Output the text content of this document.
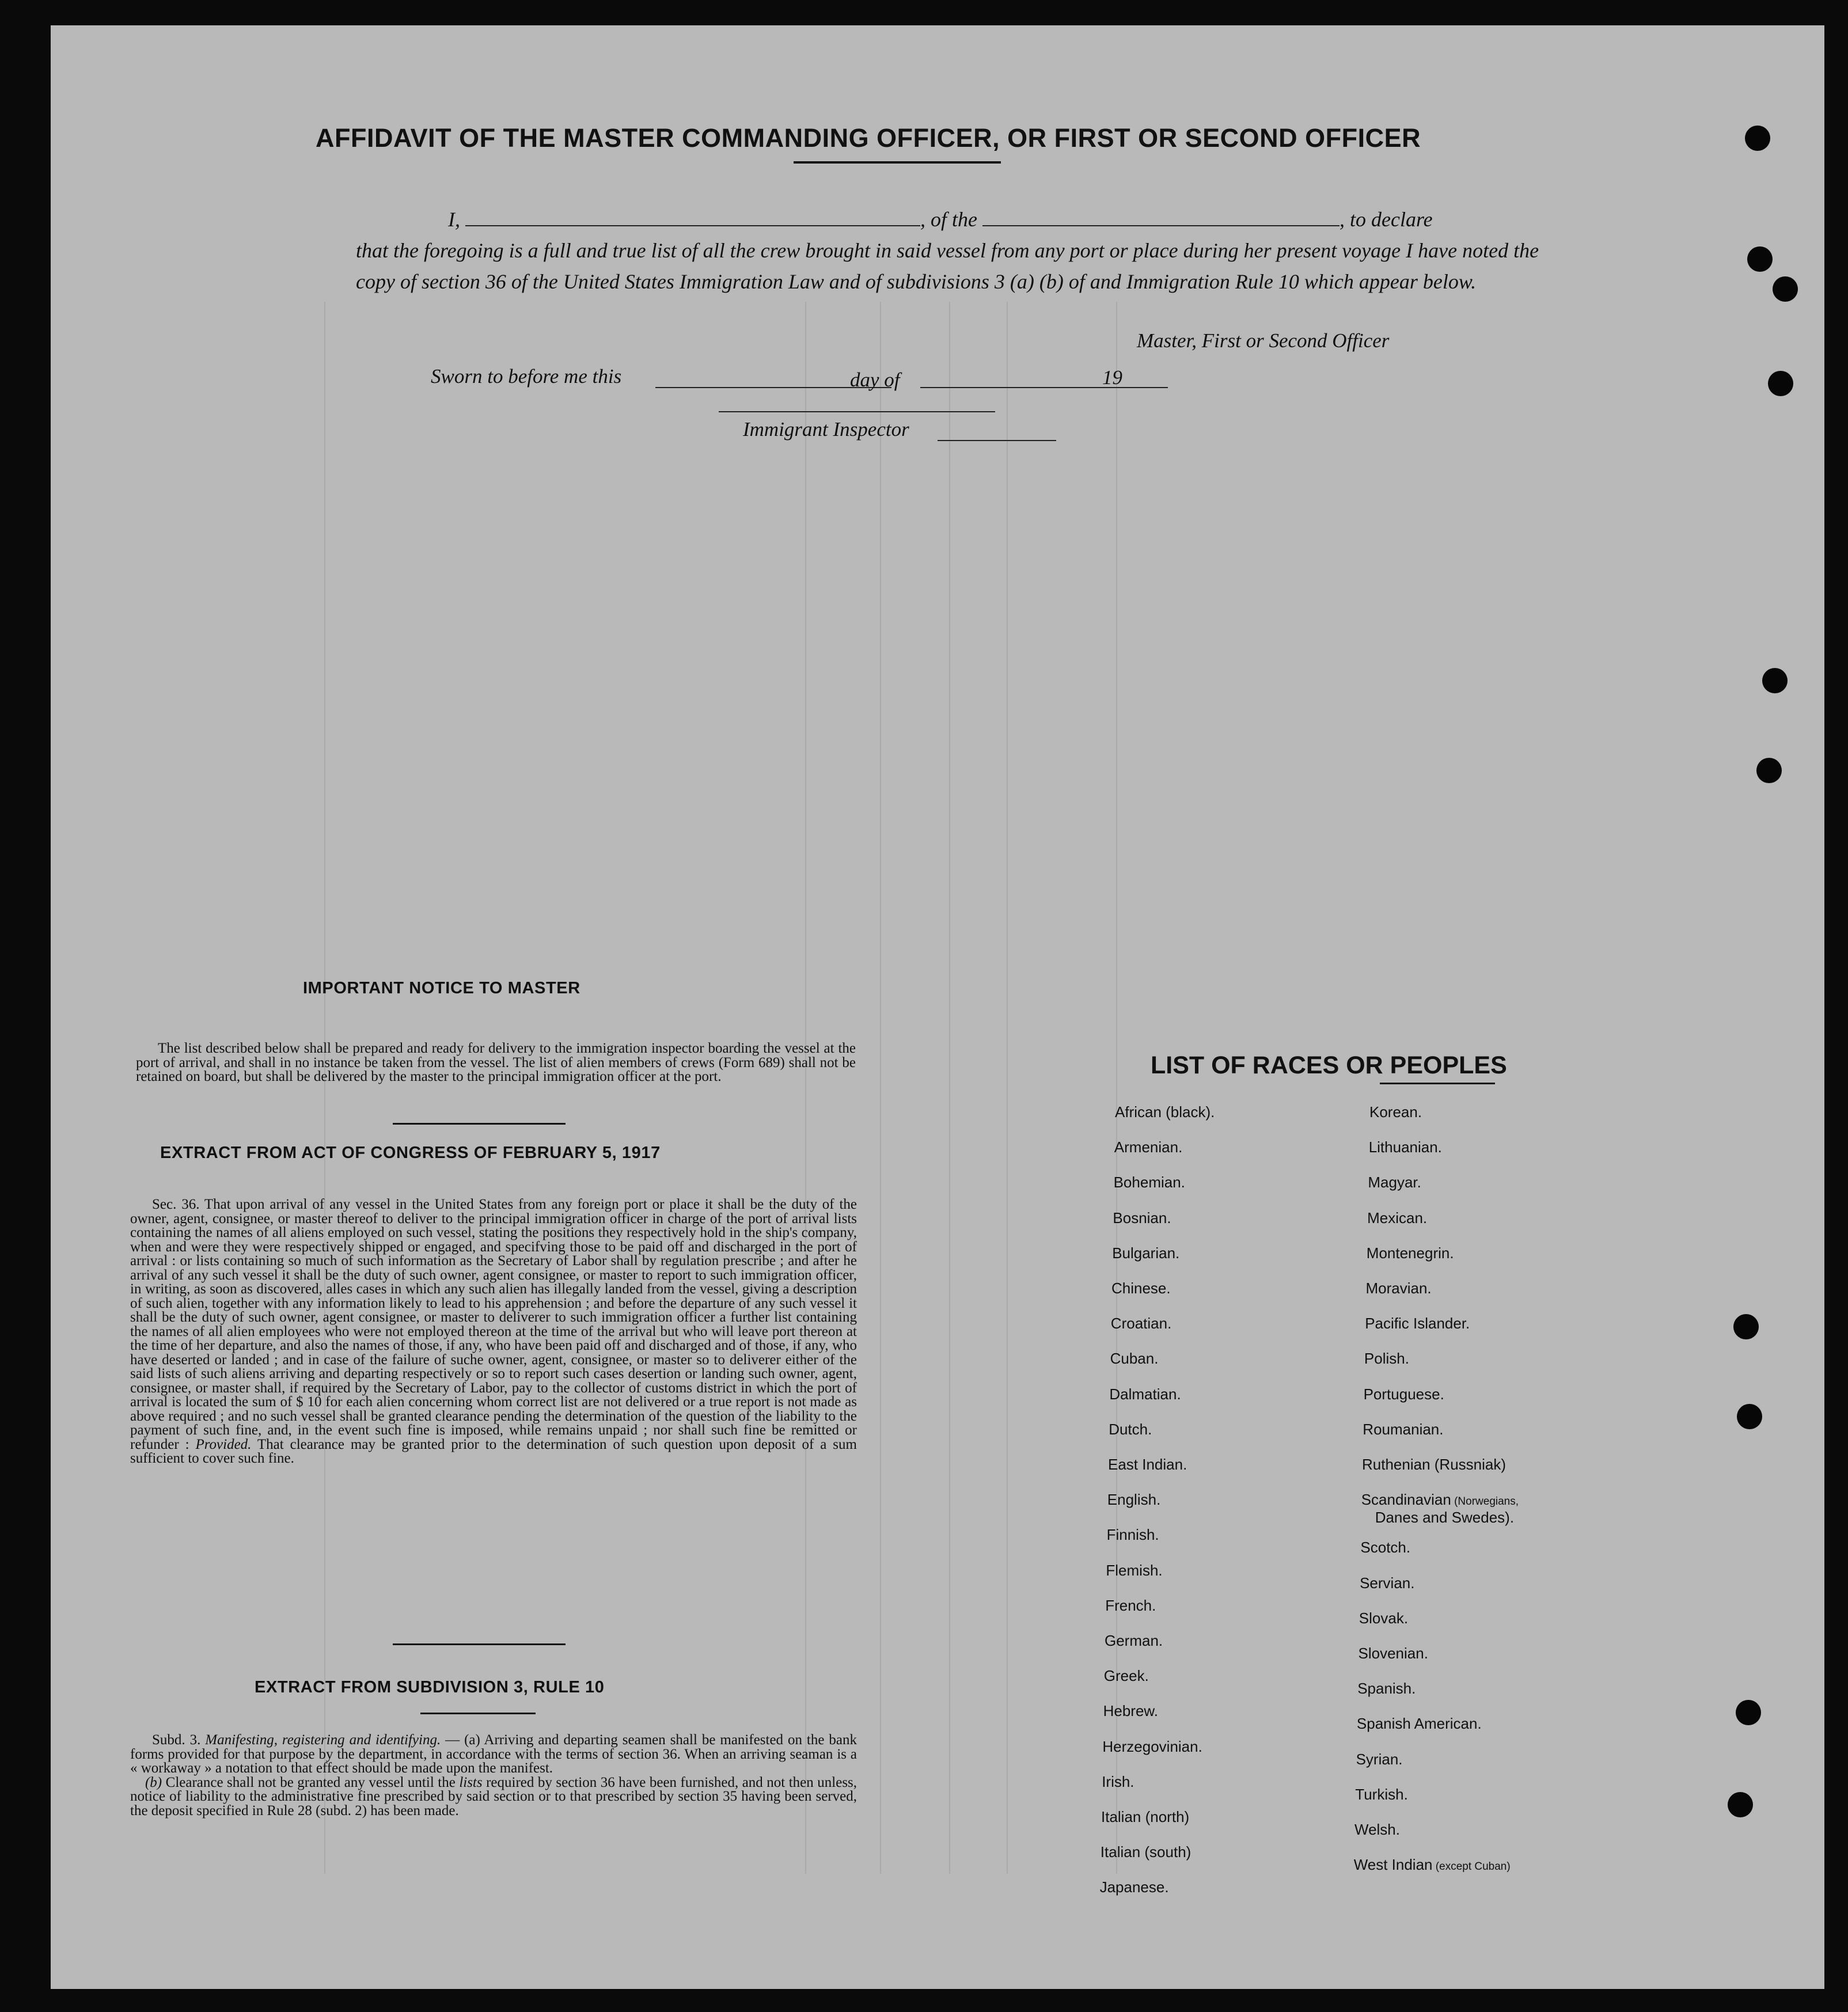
AFFIDAVIT OF THE MASTER COMMANDING OFFICER, OR FIRST OR SECOND OFFICER
I,	, of the	, to declare
that the foregoing is a full and true list of all the crew brought in said vessel from any port or place during her present voyage I have noted the copy of section 36 of the United States Immigration Law and of subdivisions 3 (a) (b) of and Immigration Rule 10 which appear below.
Master, First or Second Officer
Sworn to before me this	day of	19
Immigrant Inspector
IMPORTANT NOTICE TO MASTER
The list described below shall be prepared and ready for delivery to the immigration inspector boarding the vessel at the port of arrival, and shall in no instance be taken from the vessel. The list of alien members of crews (Form 689) shall not be retained on board, but shall be delivered by the master to the principal immigration officer at the port.
EXTRACT FROM ACT OF CONGRESS OF FEBRUARY 5, 1917
Sec. 36. That upon arrival of any vessel in the United States from any foreign port or place it shall be the duty of the owner, agent, consignee, or master thereof to deliver to the principal immigration officer in charge of the port of arrival lists containing the names of all aliens employed on such vessel, stating the positions they respectively hold in the ship's company, when and were they were respectively shipped or engaged, and specifving those to be paid off and discharged in the port of arrival : or lists containing so much of such information as the Secretary of Labor shall by regulation prescribe ; and after he arrival of any such vessel it shall be the duty of such owner, agent consignee, or master to report to such immigration officer, in writing, as soon as discovered, alles cases in which any such alien has illegally landed from the vessel, giving a description of such alien, together with any information likely to lead to his apprehension ; and before the departure of any such vessel it shall be the duty of such owner, agent consignee, or master to deliverer to such immigration officer a further list containing the names of all alien employees who were not employed thereon at the time of the arrival but who will leave port thereon at the time of her departure, and also the names of those, if any, who have been paid off and discharged and of those, if any, who have deserted or landed ; and in case of the failure of suche owner, agent, consignee, or master so to deliverer either of the said lists of such aliens arriving and departing respectively or so to report such cases desertion or landing such owner, agent, consignee, or master shall, if required by the Secretary of Labor, pay to the collector of customs district in which the port of arrival is located the sum of $ 10 for each alien concerning whom correct list are not delivered or a true report is not made as above required ; and no such vessel shall be granted clearance pending the determination of the question of the liability to the payment of such fine, and, in the event such fine is imposed, while remains unpaid ; nor shall such fine be remitted or refunder : Provided. That clearance may be granted prior to the determination of such question upon deposit of a sum sufficient to cover such fine.
EXTRACT FROM SUBDIVISION 3, RULE 10
Subd. 3. Manifesting, registering and identifying. — (a) Arriving and departing seamen shall be manifested on the bank forms provided for that purpose by the department, in accordance with the terms of section 36. When an arriving seaman is a « workaway » a notation to that effect should be made upon the manifest.
(b) Clearance shall not be granted any vessel until the lists required by section 36 have been furnished, and not then unless, notice of liability to the administrative fine prescribed by said section or to that prescribed by section 35 having been served, the deposit specified in Rule 28 (subd. 2) has been made.
LIST OF RACES OR PEOPLES
African (black).
Armenian.
Bohemian.
Bosnian.
Bulgarian.
Chinese.
Croatian.
Cuban.
Dalmatian.
Dutch.
East Indian.
English.
Finnish.
Flemish.
French.
German.
Greek.
Hebrew.
Herzegovinian.
Irish.
Italian (north)
Italian (south)
Japanese.
Korean.
Lithuanian.
Magyar.
Mexican.
Montenegrin.
Moravian.
Pacific Islander.
Polish.
Portuguese.
Roumanian.
Ruthenian (Russniak)
Scandinavian (Norwegians,
Danes and Swedes).
Scotch.
Servian.
Slovak.
Slovenian.
Spanish.
Spanish American.
Syrian.
Turkish.
Welsh.
West Indian (except Cuban)
